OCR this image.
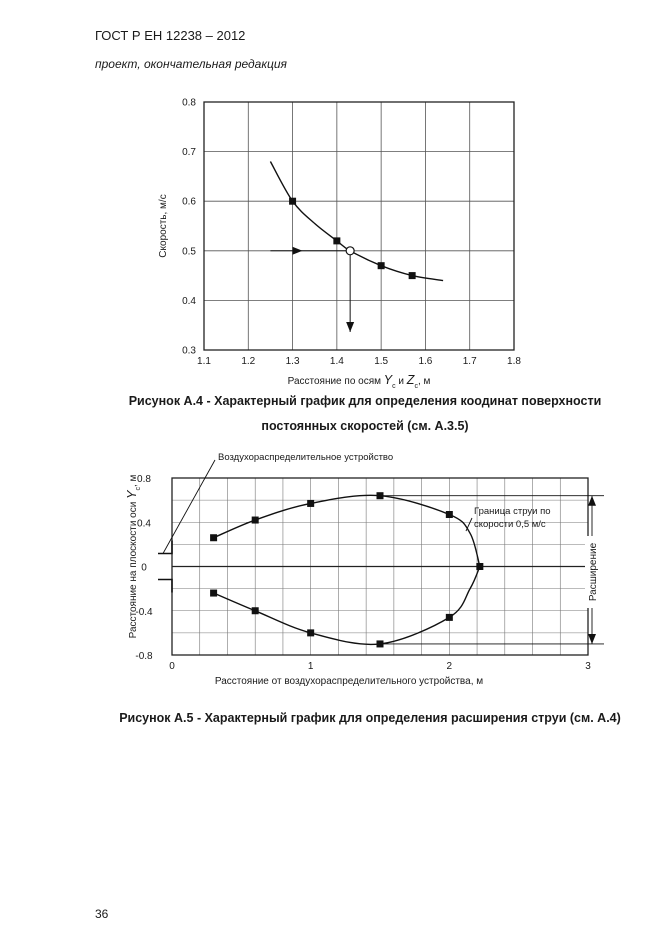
ГОСТ Р ЕН 12238 – 2012
проект, окончательная редакция
1.1	1.2	1.3	1.4	1.5	1.6	1.7	1.8
0.3
0.4
0.5
0.6
0.7
0.8
Скорость, м/с
Расстояние по осям $Y_c$ и $Z_c$, м
Рисунок А.4 - Характерный график для определения коодинат поверхности
постоянных скоростей (см. А.3.5)
0	1	2	3
0.8
0.4
0
-0.4
-0.8
Расширение
Воздухораспределительное устройство
Граница струи по
скорости 0,5 м/с
Расстояние от воздухораспределительного устройства, м
Расстояние на плоскости оси $Y_c$, м
Рисунок А.5 - Характерный график для определения расширения струи (см. А.4)
36
